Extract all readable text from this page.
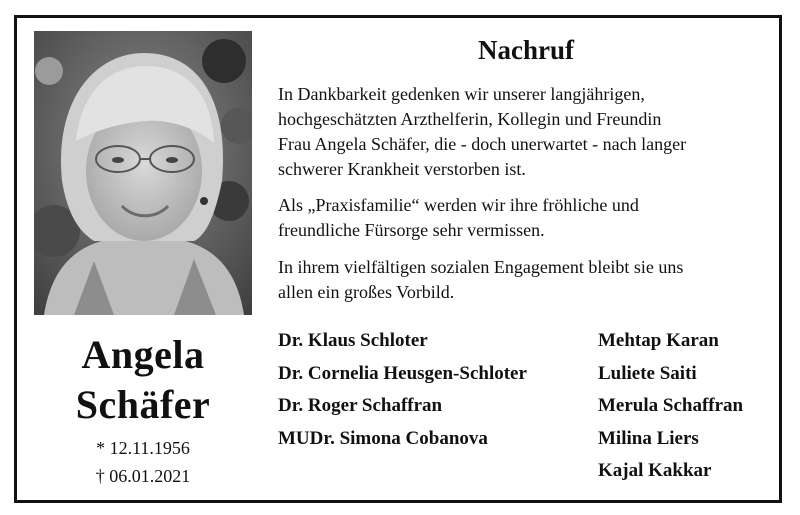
Angela
Schäfer
* 12.11.1956
† 06.01.2021
Nachruf
In Dankbarkeit gedenken wir unserer langjährigen,
hochgeschätzten Arzthelferin, Kollegin und Freundin
Frau Angela Schäfer, die - doch unerwartet - nach langer
schwerer Krankheit verstorben ist.
Als „Praxisfamilie“ werden wir ihre fröhliche und
freundliche Fürsorge sehr vermissen.
In ihrem vielfältigen sozialen Engagement bleibt sie uns
allen ein großes Vorbild.
Dr. Klaus Schloter
Dr. Cornelia Heusgen-Schloter
Dr. Roger Schaffran
MUDr. Simona Cobanova
Mehtap Karan
Luliete Saiti
Merula Schaffran
Milina Liers
Kajal Kakkar
